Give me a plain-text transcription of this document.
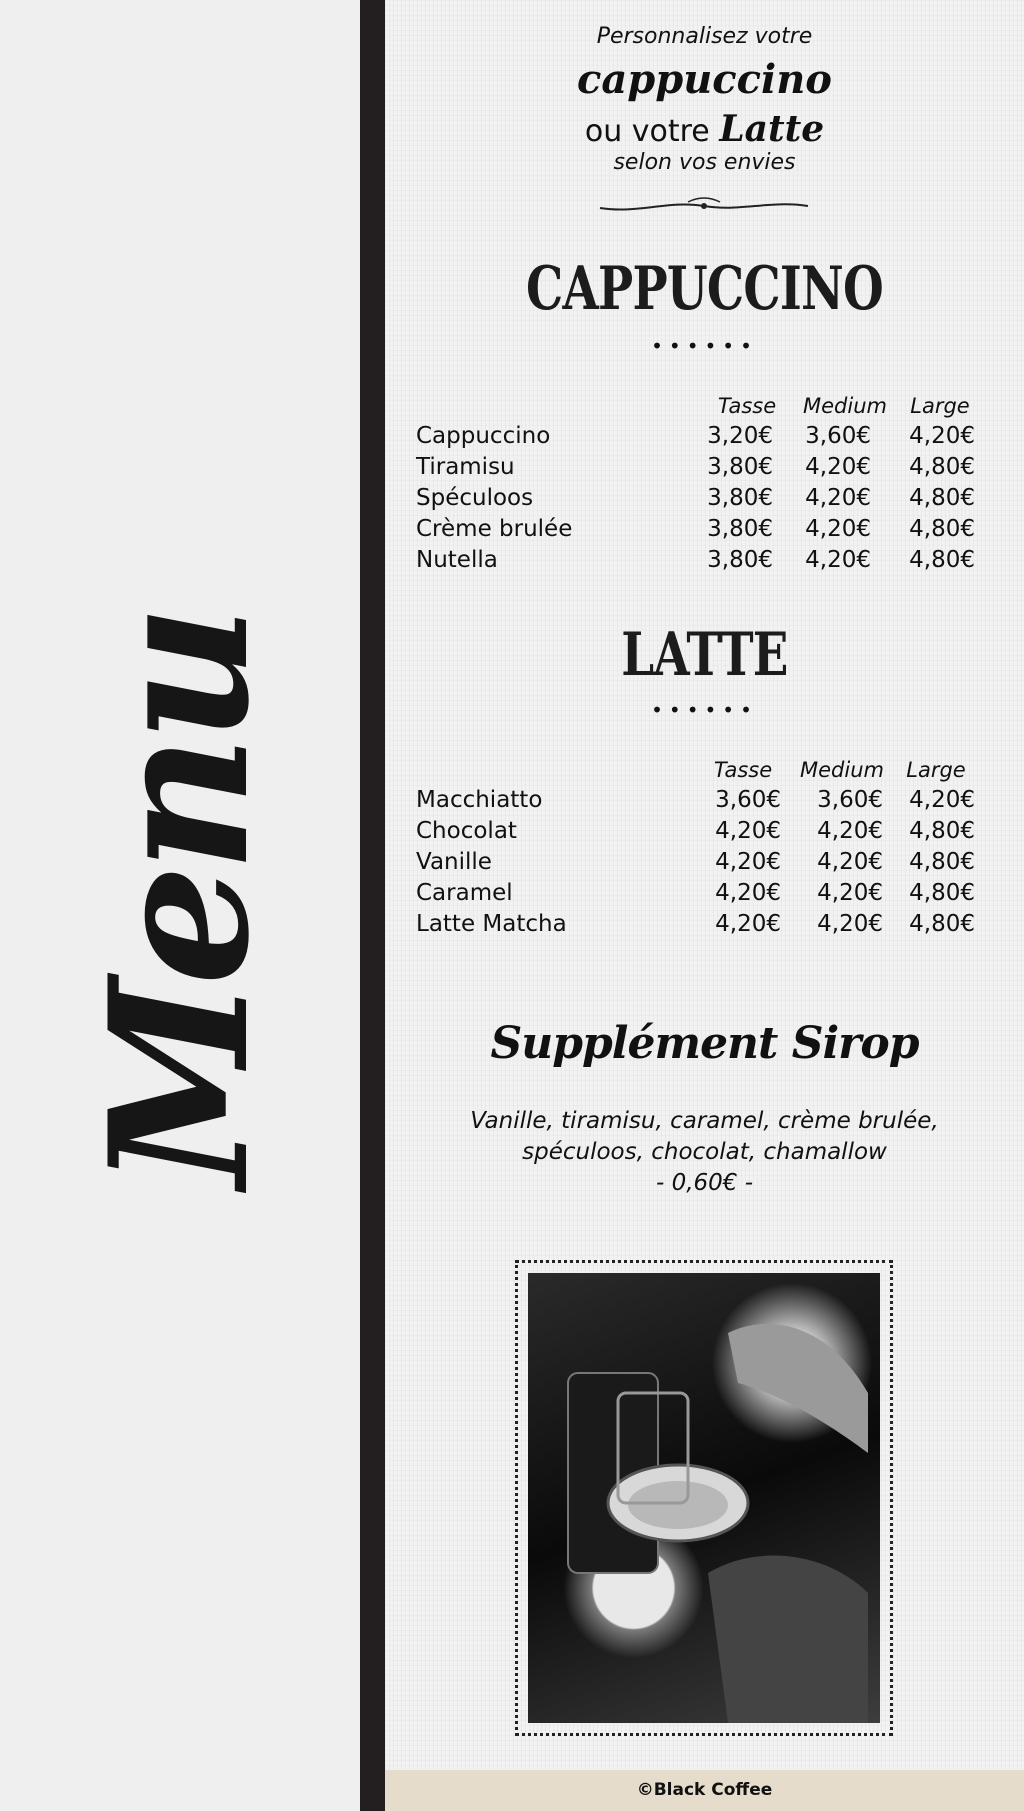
Menu
Personnalisez votre
cappuccino
ou votre Latte
selon vos envies
CAPPUCCINO
••••••
Tasse	Medium	Large
Cappuccino	3,20€	3,60€	4,20€
Tiramisu	3,80€	4,20€	4,80€
Spéculoos	3,80€	4,20€	4,80€
Crème brulée	3,80€	4,20€	4,80€
Nutella	3,80€	4,20€	4,80€
LATTE
••••••
Tasse	Medium	Large
Macchiatto	3,60€	3,60€	4,20€
Chocolat	4,20€	4,20€	4,80€
Vanille	4,20€	4,20€	4,80€
Caramel	4,20€	4,20€	4,80€
Latte Matcha	4,20€	4,20€	4,80€
Supplément Sirop
Vanille, tiramisu, caramel, crème brulée,
spéculoos, chocolat, chamallow
- 0,60€ -
©Black Coffee
